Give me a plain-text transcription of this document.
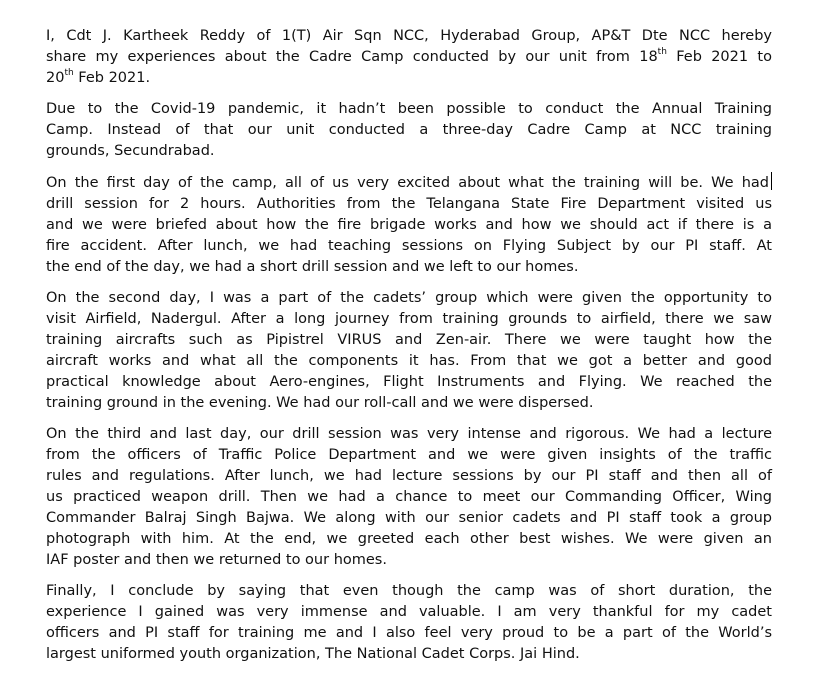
I, Cdt J. Kartheek Reddy of 1(T) Air Sqn NCC, Hyderabad Group, AP&T Dte NCC hereby
share my experiences about the Cadre Camp conducted by our unit from 18th Feb 2021 to
20th Feb 2021.

Due to the Covid-19 pandemic, it hadn’t been possible to conduct the Annual Training
Camp. Instead of that our unit conducted a three-day Cadre Camp at NCC training
grounds, Secundrabad.

On the first day of the camp, all of us very excited about what the training will be. We had
drill session for 2 hours. Authorities from the Telangana State Fire Department visited us
and we were briefed about how the fire brigade works and how we should act if there is a
fire accident. After lunch, we had teaching sessions on Flying Subject by our PI staff. At
the end of the day, we had a short drill session and we left to our homes.

On the second day, I was a part of the cadets’ group which were given the opportunity to
visit Airfield, Nadergul. After a long journey from training grounds to airfield, there we saw
training aircrafts such as Pipistrel VIRUS and Zen-air. There we were taught how the
aircraft works and what all the components it has. From that we got a better and good
practical knowledge about Aero-engines, Flight Instruments and Flying. We reached the
training ground in the evening. We had our roll-call and we were dispersed.

On the third and last day, our drill session was very intense and rigorous. We had a lecture
from the officers of Traffic Police Department and we were given insights of the traffic
rules and regulations. After lunch, we had lecture sessions by our PI staff and then all of
us practiced weapon drill. Then we had a chance to meet our Commanding Officer, Wing
Commander Balraj Singh Bajwa. We along with our senior cadets and PI staff took a group
photograph with him. At the end, we greeted each other best wishes. We were given an
IAF poster and then we returned to our homes.

Finally, I conclude by saying that even though the camp was of short duration, the
experience I gained was very immense and valuable. I am very thankful for my cadet
officers and PI staff for training me and I also feel very proud to be a part of the World’s
largest uniformed youth organization, The National Cadet Corps. Jai Hind.
